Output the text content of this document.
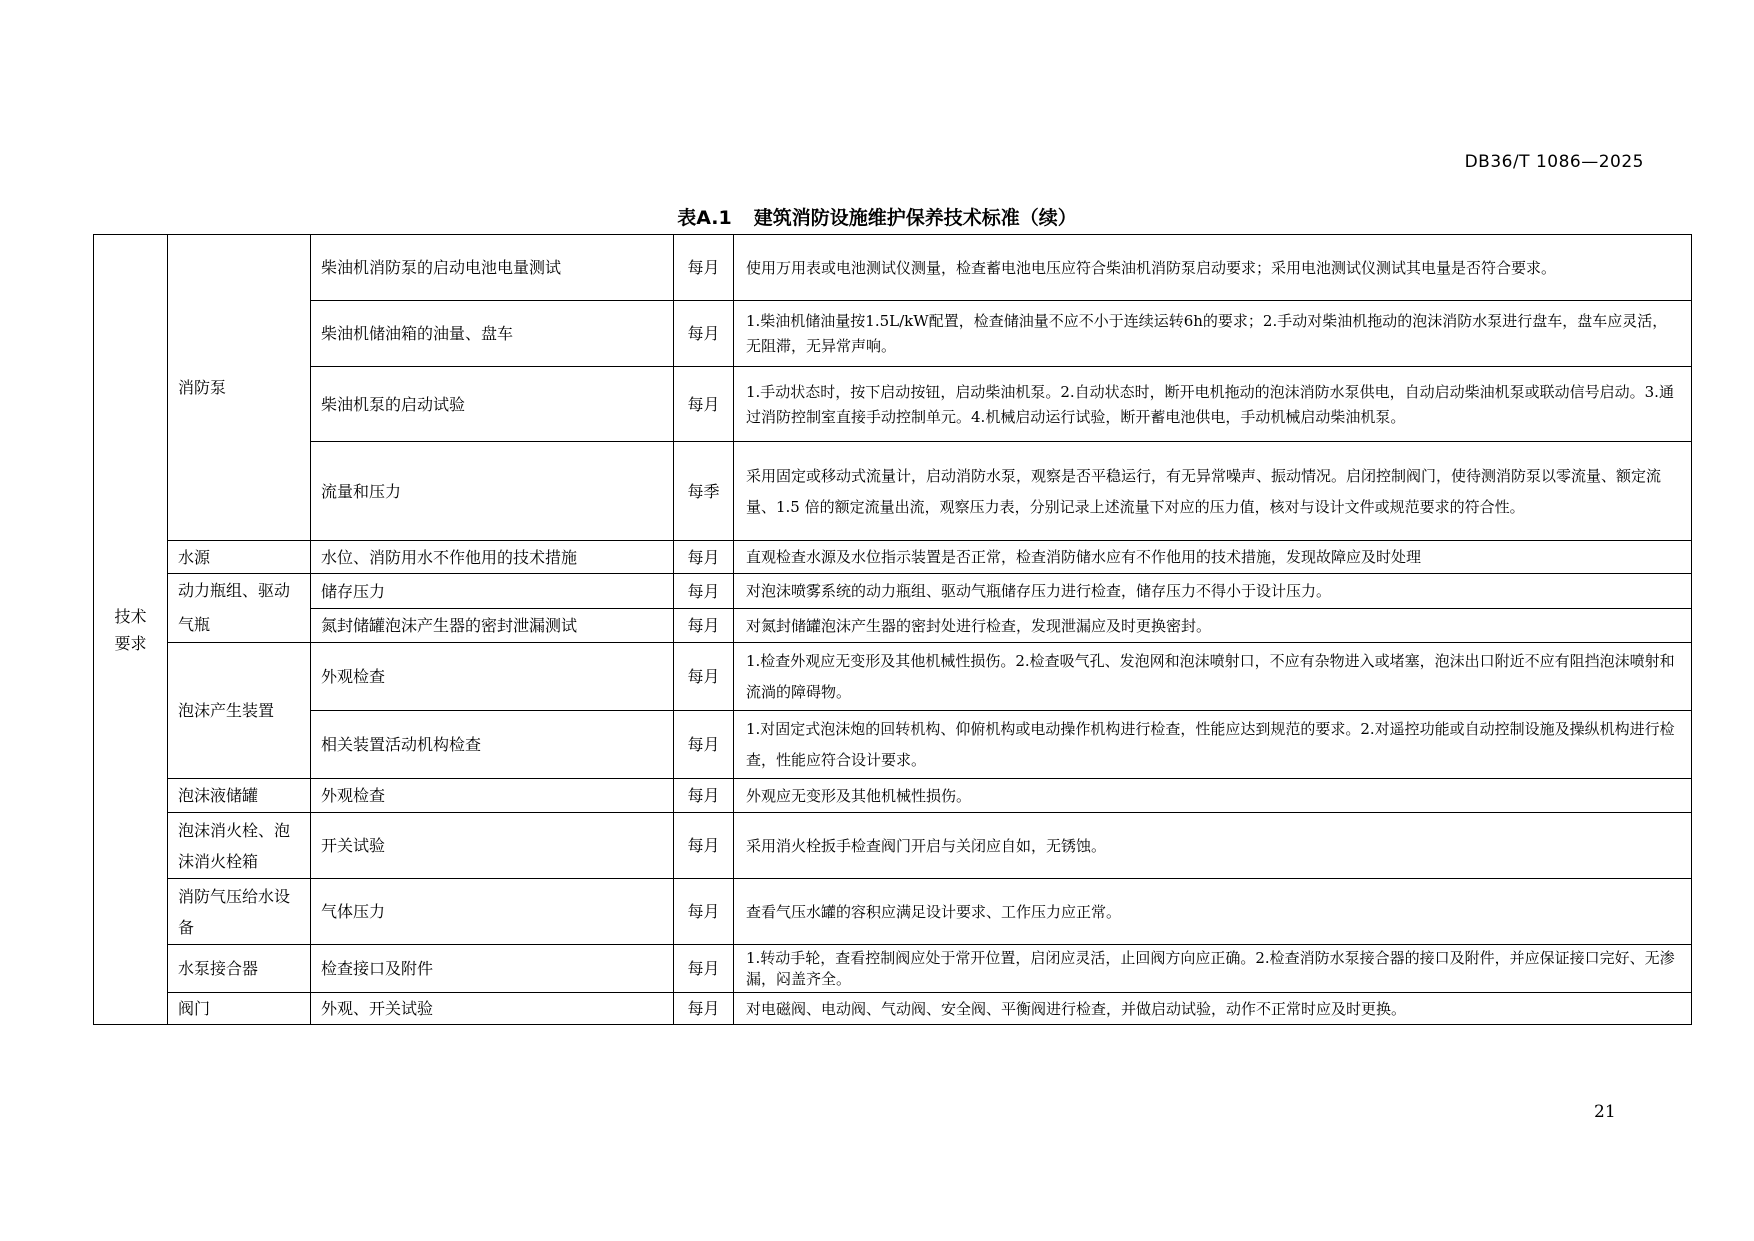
DB36/T 1086—2025
表A.1 建筑消防设施维护保养技术标准（续）
技术要求	消防泵	柴油机消防泵的启动电池电量测试	每月	使用万用表或电池测试仪测量，检查蓄电池电压应符合柴油机消防泵启动要求；采用电池测试仪测试其电量是否符合要求。
		柴油机储油箱的油量、盘车	每月	1.柴油机储油量按1.5L/kW配置，检查储油量不应不小于连续运转6h的要求；2.手动对柴油机拖动的泡沫消防水泵进行盘车，盘车应灵活，无阻滞，无异常声响。
		柴油机泵的启动试验	每月	1.手动状态时，按下启动按钮，启动柴油机泵。2.自动状态时，断开电机拖动的泡沫消防水泵供电，自动启动柴油机泵或联动信号启动。3.通过消防控制室直接手动控制单元。4.机械启动运行试验，断开蓄电池供电，手动机械启动柴油机泵。
		流量和压力	每季	采用固定或移动式流量计，启动消防水泵，观察是否平稳运行，有无异常噪声、振动情况。启闭控制阀门，使待测消防泵以零流量、额定流量、1.5 倍的额定流量出流，观察压力表，分别记录上述流量下对应的压力值，核对与设计文件或规范要求的符合性。
	水源	水位、消防用水不作他用的技术措施	每月	直观检查水源及水位指示装置是否正常，检查消防储水应有不作他用的技术措施，发现故障应及时处理
	动力瓶组、驱动气瓶	储存压力	每月	对泡沫喷雾系统的动力瓶组、驱动气瓶储存压力进行检查，储存压力不得小于设计压力。
		氮封储罐泡沫产生器的密封泄漏测试	每月	对氮封储罐泡沫产生器的密封处进行检查，发现泄漏应及时更换密封。
	泡沫产生装置	外观检查	每月	1.检查外观应无变形及其他机械性损伤。2.检查吸气孔、发泡网和泡沫喷射口，不应有杂物进入或堵塞，泡沫出口附近不应有阻挡泡沫喷射和流淌的障碍物。
		相关装置活动机构检查	每月	1.对固定式泡沫炮的回转机构、仰俯机构或电动操作机构进行检查，性能应达到规范的要求。2.对遥控功能或自动控制设施及操纵机构进行检查，性能应符合设计要求。
	泡沫液储罐	外观检查	每月	外观应无变形及其他机械性损伤。
	泡沫消火栓、泡沫消火栓箱	开关试验	每月	采用消火栓扳手检查阀门开启与关闭应自如，无锈蚀。
	消防气压给水设备	气体压力	每月	查看气压水罐的容积应满足设计要求、工作压力应正常。
	水泵接合器	检查接口及附件	每月	1.转动手轮，查看控制阀应处于常开位置，启闭应灵活，止回阀方向应正确。2.检查消防水泵接合器的接口及附件，并应保证接口完好、无渗漏，闷盖齐全。
	阀门	外观、开关试验	每月	对电磁阀、电动阀、气动阀、安全阀、平衡阀进行检查，并做启动试验，动作不正常时应及时更换。
21
